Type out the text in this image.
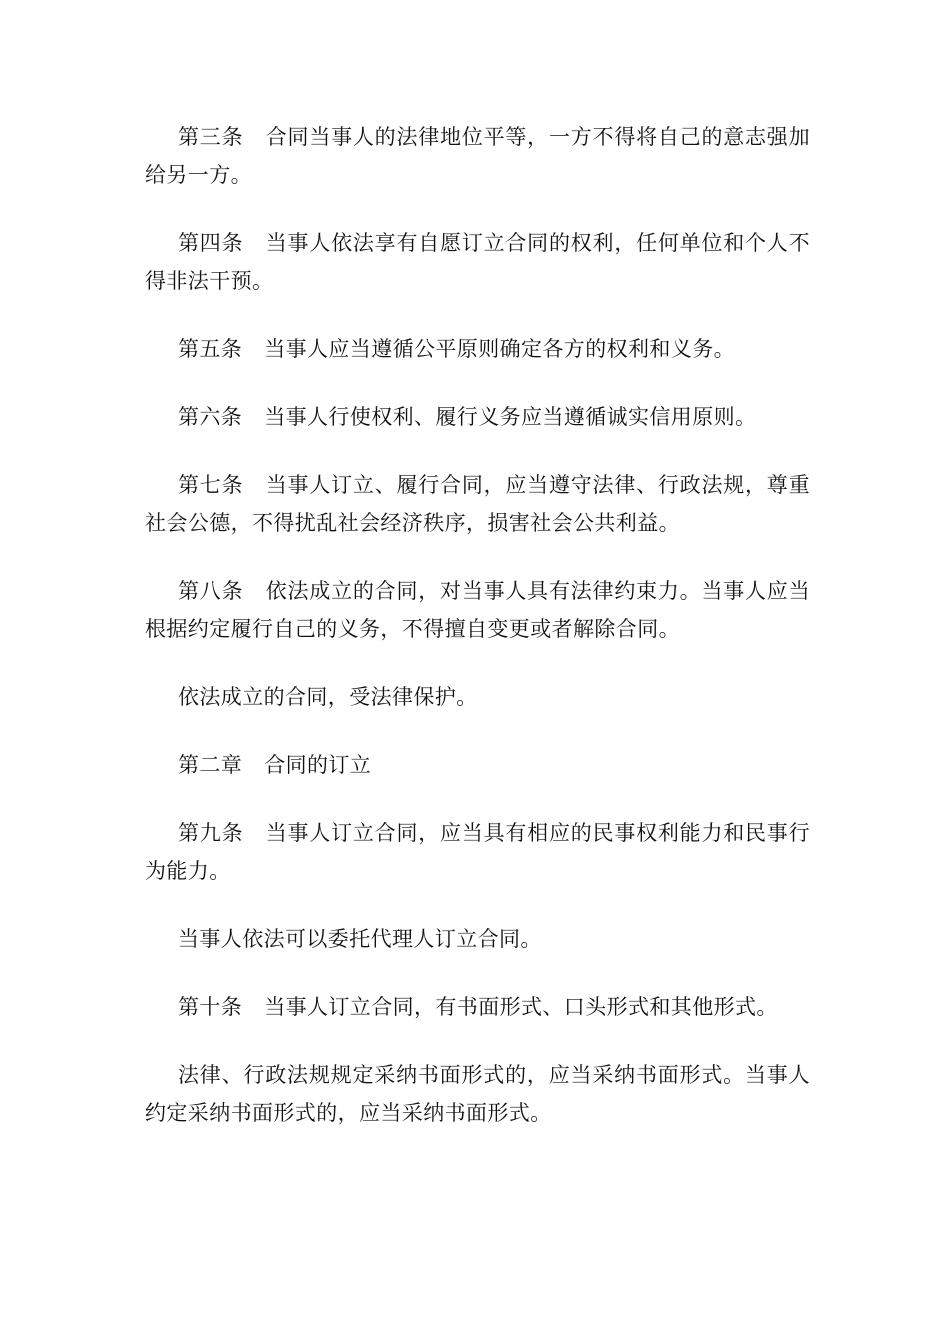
第三条 合同当事人的法律地位平等，一方不得将自己的意志强加给另一方。

第四条 当事人依法享有自愿订立合同的权利，任何单位和个人不得非法干预。

第五条 当事人应当遵循公平原则确定各方的权利和义务。

第六条 当事人行使权利、履行义务应当遵循诚实信用原则。

第七条 当事人订立、履行合同，应当遵守法律、行政法规，尊重社会公德，不得扰乱社会经济秩序，损害社会公共利益。

第八条 依法成立的合同，对当事人具有法律约束力。当事人应当根据约定履行自己的义务，不得擅自变更或者解除合同。

依法成立的合同，受法律保护。

第二章 合同的订立

第九条 当事人订立合同，应当具有相应的民事权利能力和民事行为能力。

当事人依法可以委托代理人订立合同。

第十条 当事人订立合同，有书面形式、口头形式和其他形式。

法律、行政法规规定采纳书面形式的，应当采纳书面形式。当事人约定采纳书面形式的，应当采纳书面形式。
